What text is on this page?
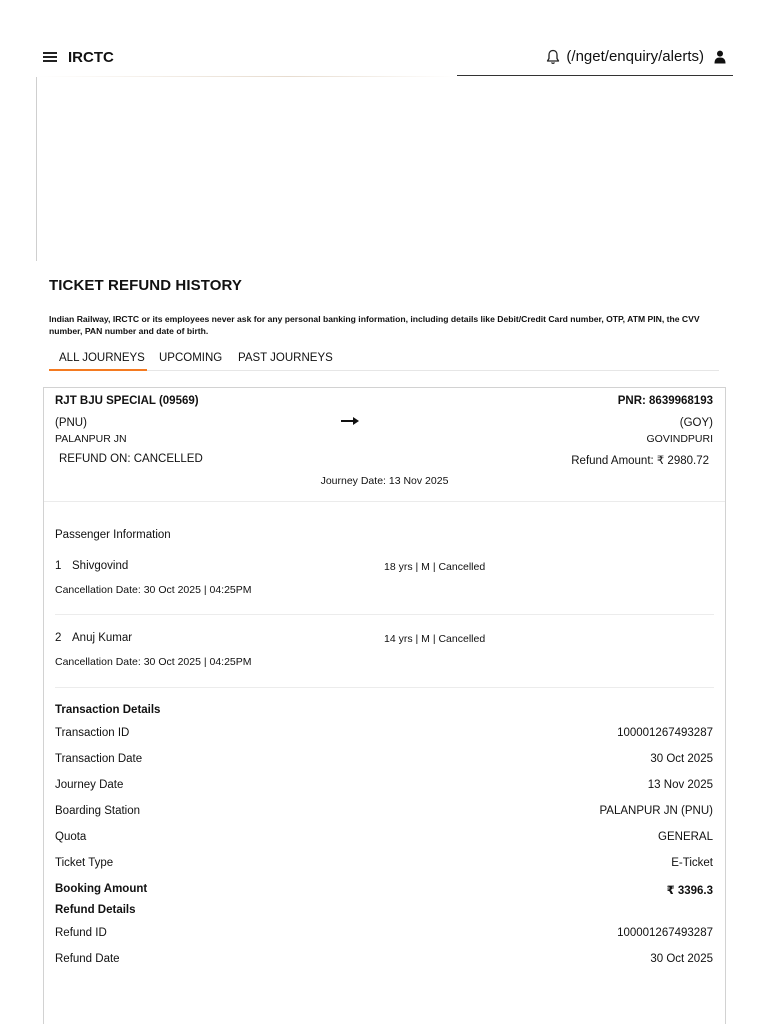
IRCTC	(/nget/enquiry/alerts)
TICKET REFUND HISTORY
Indian Railway, IRCTC or its employees never ask for any personal banking information, including details like Debit/Credit Card number, OTP, ATM PIN, the CVV number, PAN number and date of birth.
ALL JOURNEYS UPCOMING PAST JOURNEYS
RJT BJU SPECIAL (09569)	PNR: 8639968193
(PNU)	(GOY)
PALANPUR JN	GOVINDPURI
REFUND ON: CANCELLED	Refund Amount: ₹ 2980.72
Journey Date: 13 Nov 2025
Passenger Information
1 Shivgovind	18 yrs | M | Cancelled
Cancellation Date: 30 Oct 2025 | 04:25PM
2 Anuj Kumar	14 yrs | M | Cancelled
Cancellation Date: 30 Oct 2025 | 04:25PM
Transaction Details
Transaction ID	100001267493287
Transaction Date	30 Oct 2025
Journey Date	13 Nov 2025
Boarding Station	PALANPUR JN (PNU)
Quota	GENERAL
Ticket Type	E-Ticket
Booking Amount	₹ 3396.3
Refund Details
Refund ID	100001267493287
Refund Date	30 Oct 2025
